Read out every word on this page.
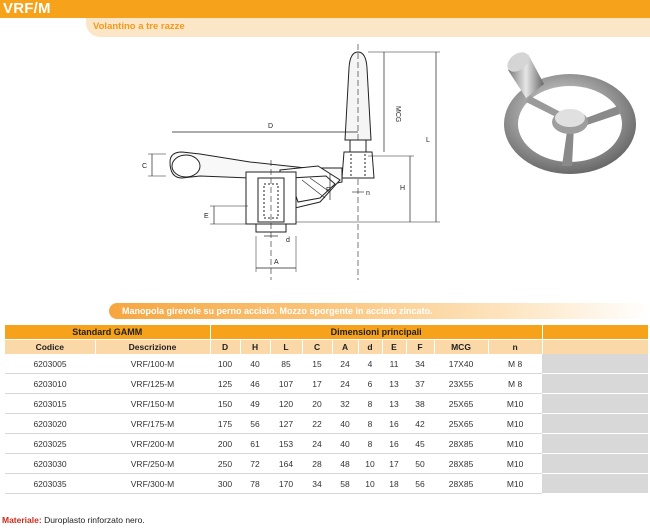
VRF/M
Volantino a tre razze
D
C
E
d
A
F
MCG
L
H
n
Manopola girevole su perno acciaio. Mozzo sporgente in acciaio zincato.
Standard GAMM		Dimensioni principali										
Codice	Descrizione	D	H	L	C	A	d	E	F	MCG	n	
6203005	VRF/100-M	100	40	85	15	24	4	11	34	17X40	M 8	
6203010	VRF/125-M	125	46	107	17	24	6	13	37	23X55	M 8	
6203015	VRF/150-M	150	49	120	20	32	8	13	38	25X65	M10	
6203020	VRF/175-M	175	56	127	22	40	8	16	42	25X65	M10	
6203025	VRF/200-M	200	61	153	24	40	8	16	45	28X85	M10	
6203030	VRF/250-M	250	72	164	28	48	10	17	50	28X85	M10	
6203035	VRF/300-M	300	78	170	34	58	10	18	56	28X85	M10	
Materiale: Duroplasto rinforzato nero.
